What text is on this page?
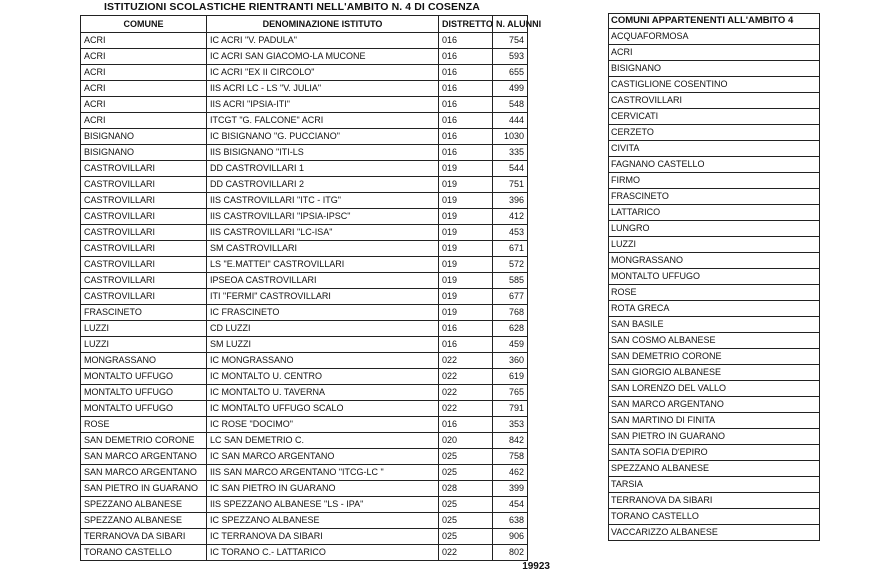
ISTITUZIONI SCOLASTICHE RIENTRANTI NELL'AMBITO N. 4 DI COSENZA
COMUNE	DENOMINAZIONE ISTITUTO	DISTRETTO	N. ALUNNI
ACRI	IC ACRI "V. PADULA"	016	754
ACRI	IC ACRI SAN GIACOMO-LA MUCONE	016	593
ACRI	IC ACRI "EX II CIRCOLO"	016	655
ACRI	IIS ACRI LC - LS "V. JULIA"	016	499
ACRI	IIS ACRI "IPSIA-ITI"	016	548
ACRI	ITCGT "G. FALCONE" ACRI	016	444
BISIGNANO	IC BISIGNANO "G. PUCCIANO"	016	1030
BISIGNANO	IIS BISIGNANO "ITI-LS	016	335
CASTROVILLARI	DD CASTROVILLARI 1	019	544
CASTROVILLARI	DD CASTROVILLARI 2	019	751
CASTROVILLARI	IIS CASTROVILLARI "ITC - ITG"	019	396
CASTROVILLARI	IIS CASTROVILLARI "IPSIA-IPSC"	019	412
CASTROVILLARI	IIS CASTROVILLARI "LC-ISA"	019	453
CASTROVILLARI	SM CASTROVILLARI	019	671
CASTROVILLARI	LS "E.MATTEI" CASTROVILLARI	019	572
CASTROVILLARI	IPSEOA CASTROVILLARI	019	585
CASTROVILLARI	ITI "FERMI" CASTROVILLARI	019	677
FRASCINETO	IC FRASCINETO	019	768
LUZZI	CD LUZZI	016	628
LUZZI	SM LUZZI	016	459
MONGRASSANO	IC MONGRASSANO	022	360
MONTALTO UFFUGO	IC MONTALTO U. CENTRO	022	619
MONTALTO UFFUGO	IC MONTALTO U. TAVERNA	022	765
MONTALTO UFFUGO	IC MONTALTO UFFUGO SCALO	022	791
ROSE	IC ROSE "DOCIMO"	016	353
SAN DEMETRIO CORONE	LC SAN DEMETRIO C.	020	842
SAN MARCO ARGENTANO	IC SAN MARCO ARGENTANO	025	758
SAN MARCO ARGENTANO	IIS SAN MARCO ARGENTANO "ITCG-LC "	025	462
SAN PIETRO IN GUARANO	IC SAN PIETRO IN GUARANO	028	399
SPEZZANO ALBANESE	IIS SPEZZANO ALBANESE "LS - IPA"	025	454
SPEZZANO ALBANESE	IC SPEZZANO ALBANESE	025	638
TERRANOVA DA SIBARI	IC TERRANOVA DA SIBARI	025	906
TORANO CASTELLO	IC TORANO C.- LATTARICO	022	802
19923
COMUNI APPARTENENTI ALL'AMBITO 4
ACQUAFORMOSA
ACRI
BISIGNANO
CASTIGLIONE COSENTINO
CASTROVILLARI
CERVICATI
CERZETO
CIVITA
FAGNANO CASTELLO
FIRMO
FRASCINETO
LATTARICO
LUNGRO
LUZZI
MONGRASSANO
MONTALTO UFFUGO
ROSE
ROTA GRECA
SAN BASILE
SAN COSMO ALBANESE
SAN DEMETRIO CORONE
SAN GIORGIO ALBANESE
SAN LORENZO DEL VALLO
SAN MARCO ARGENTANO
SAN MARTINO DI FINITA
SAN PIETRO IN GUARANO
SANTA SOFIA D'EPIRO
SPEZZANO ALBANESE
TARSIA
TERRANOVA DA SIBARI
TORANO CASTELLO
VACCARIZZO ALBANESE
